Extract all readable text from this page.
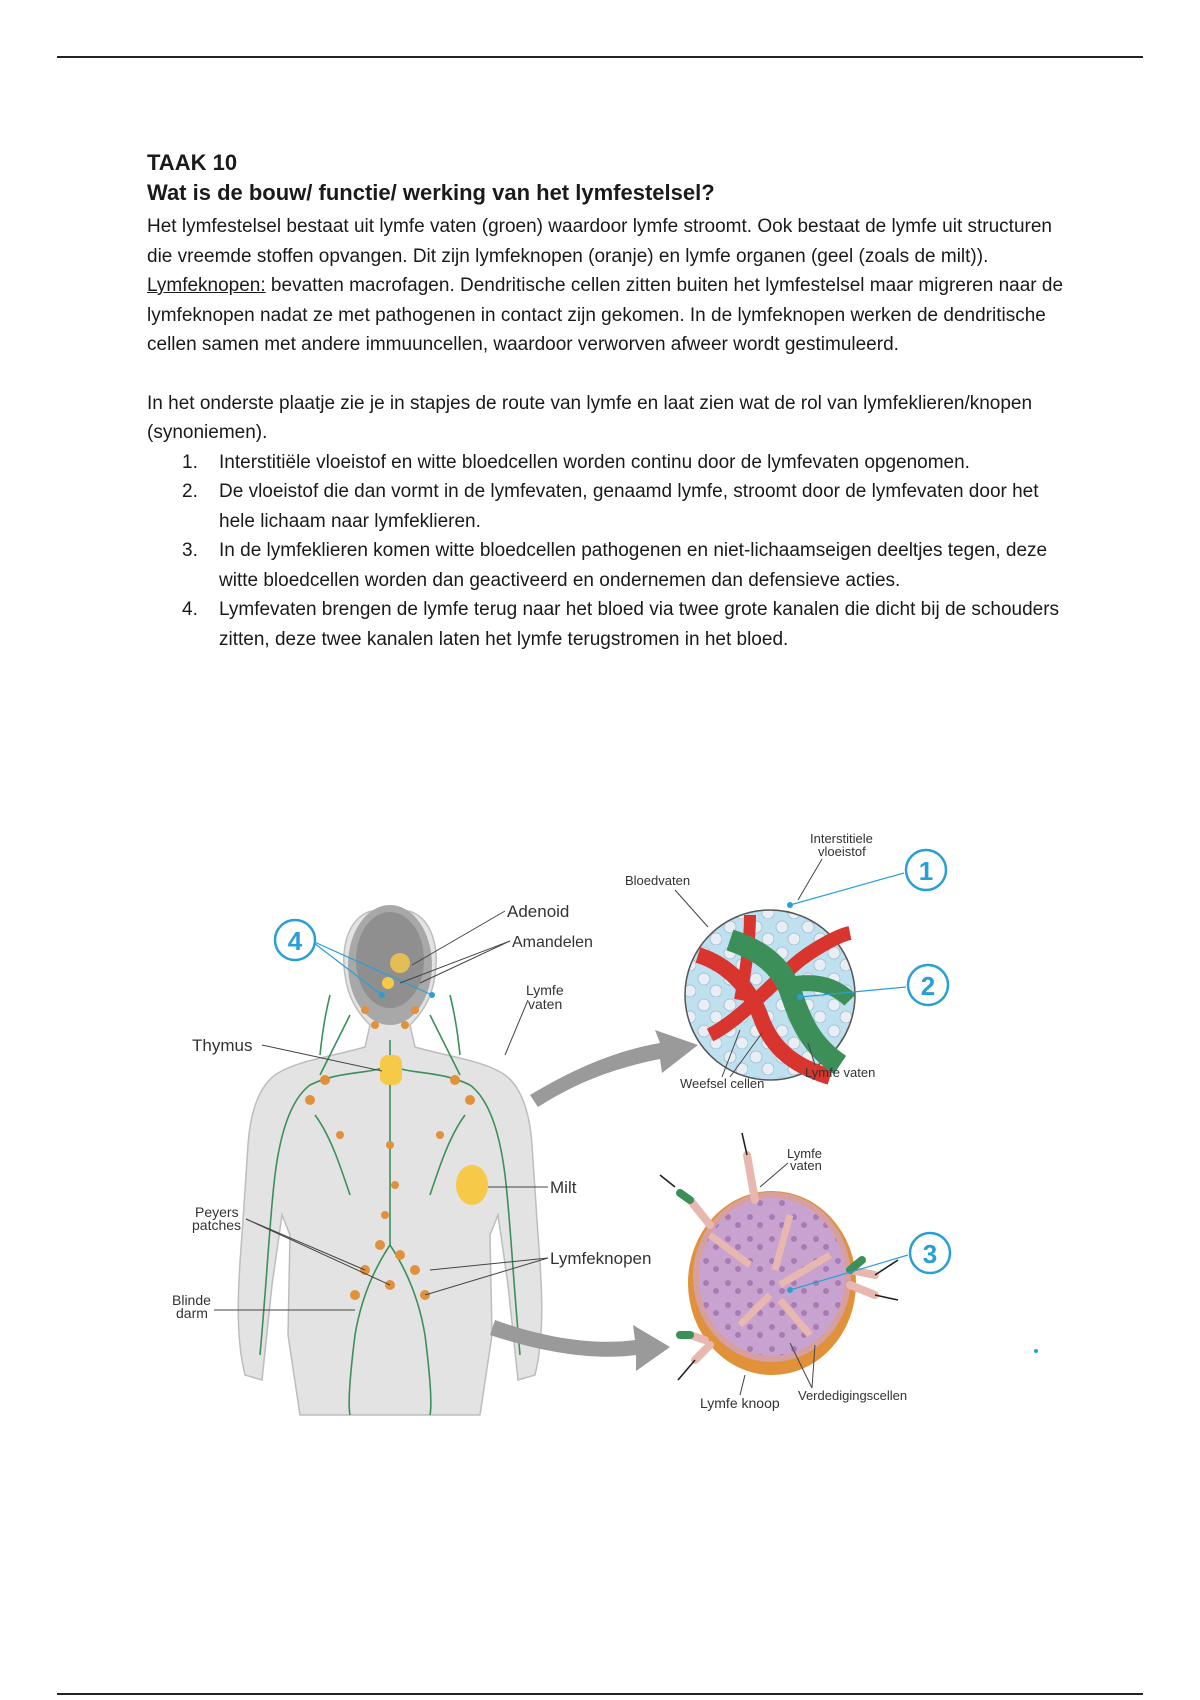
TAAK 10
Wat is de bouw/ functie/ werking van het lymfestelsel?

Het lymfestelsel bestaat uit lymfe vaten (groen) waardoor lymfe stroomt. Ook bestaat de lymfe uit structuren die vreemde stoffen opvangen. Dit zijn lymfeknopen (oranje) en lymfe organen (geel (zoals de milt)).

Lymfeknopen: bevatten macrofagen. Dendritische cellen zitten buiten het lymfestelsel maar migreren naar de lymfeknopen nadat ze met pathogenen in contact zijn gekomen. In de lymfeknopen werken de dendritische cellen samen met andere immuuncellen, waardoor verworven afweer wordt gestimuleerd.

In het onderste plaatje zie je in stapjes de route van lymfe en laat zien wat de rol van lymfeklieren/knopen (synoniemen).

1. Interstitiële vloeistof en witte bloedcellen worden continu door de lymfevaten opgenomen.
2. De vloeistof die dan vormt in de lymfevaten, genaamd lymfe, stroomt door de lymfevaten door het hele lichaam naar lymfeklieren.
3. In de lymfeklieren komen witte bloedcellen pathogenen en niet-lichaamseigen deeltjes tegen, deze witte bloedcellen worden dan geactiveerd en ondernemen dan defensieve acties.
4. Lymfevaten brengen de lymfe terug naar het bloed via twee grote kanalen die dicht bij de schouders zitten, deze twee kanalen laten het lymfe terugstromen in het bloed.
4
Adenoid
Amandelen
Lymfe
vaten
Thymus
Milt
Peyers
patches
Lymfeknopen
Blinde
darm
Interstitiele
vloeistof
Bloedvaten
Weefsel cellen
Lymfe vaten
1
2
Lymfe
vaten
Lymfe knoop Verdedigingscellen
3
